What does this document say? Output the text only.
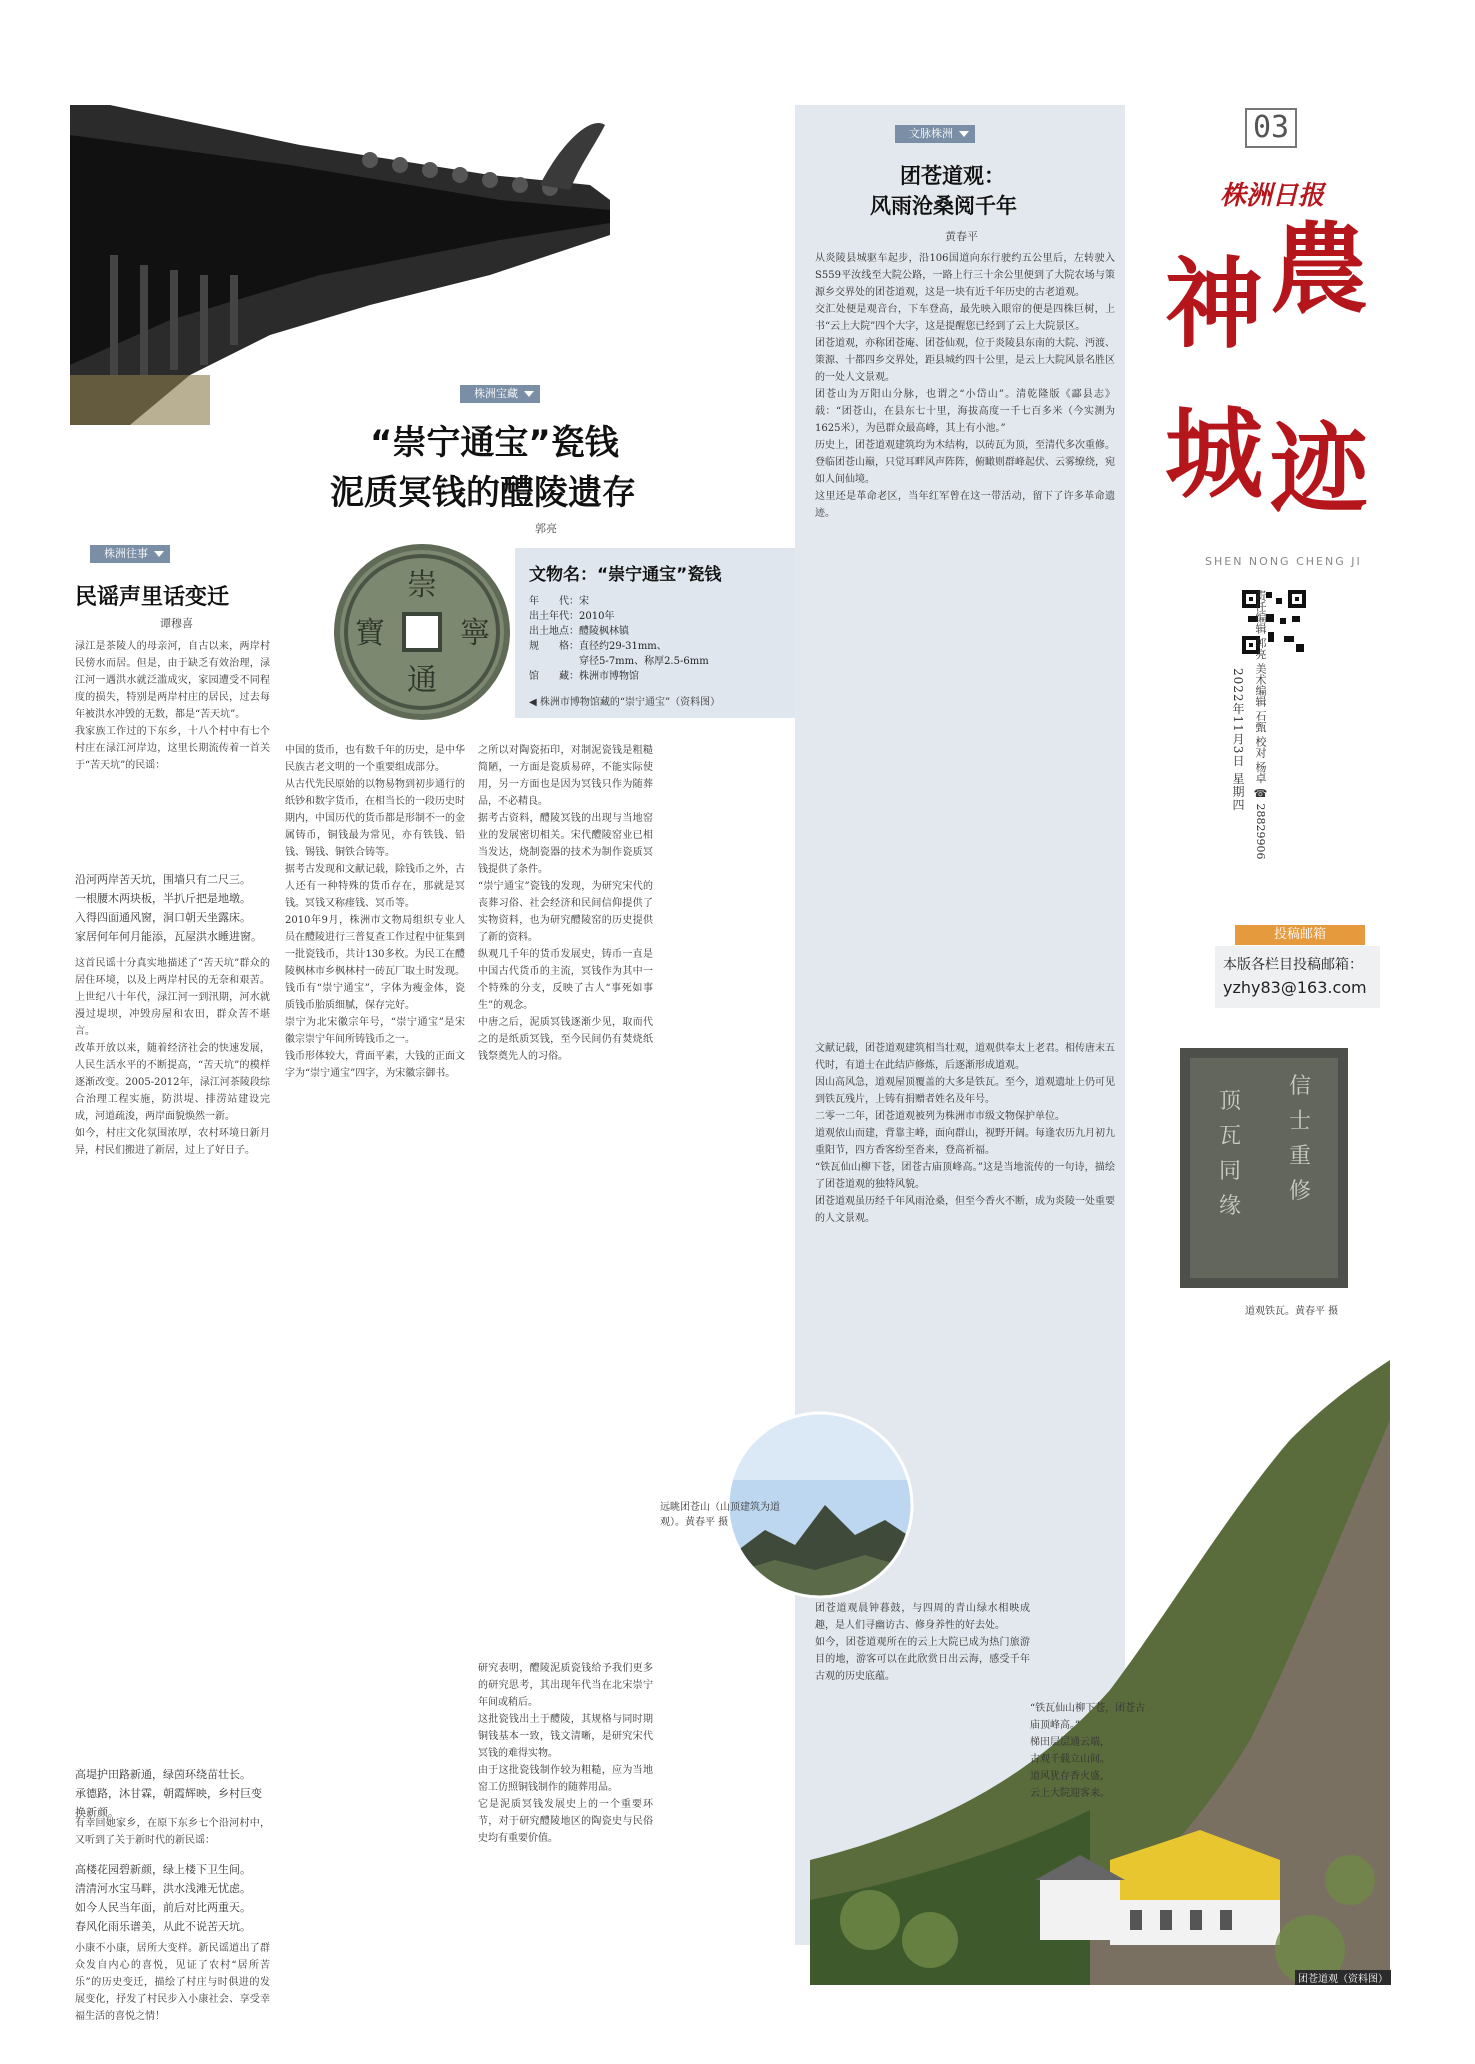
株洲宝藏
“崇宁通宝”瓷钱
泥质冥钱的醴陵遗存
郭亮
崇
通
寧
寶
文物名：“崇宁通宝”瓷钱
年　　代：宋
出土年代：2010年
出土地点：醴陵枫林镇
规　　格：直径约29-31mm、
　　　　　穿径5-7mm、称厚2.5-6mm
馆　　藏：株洲市博物馆
◀ 株洲市博物馆藏的“崇宁通宝”（资料图）
中国的货币，也有数千年的历史，是中华民族古老文明的一个重要组成部分。
从古代先民原始的以物易物到初步通行的纸钞和数字货币，在相当长的一段历史时期内，中国历代的货币都是形制不一的金属铸币，铜钱最为常见，亦有铁钱、铅钱、锡钱、铜铁合铸等。
据考古发现和文献记载，除钱币之外，古人还有一种特殊的货币存在，那就是冥钱。冥钱又称瘗钱、冥币等。
2010年9月，株洲市文物局组织专业人员在醴陵进行三普复查工作过程中征集到一批瓷钱币，共计130多枚。为民工在醴陵枫林市乡枫林村一砖瓦厂取土时发现。钱币有“崇宁通宝”，字体为瘦金体，瓷质钱币胎质细腻，保存完好。
崇宁为北宋徽宗年号，“崇宁通宝”是宋徽宗崇宁年间所铸钱币之一。
钱币形体较大，背面平素，大钱的正面文字为“崇宁通宝”四字，为宋徽宗御书。
之所以对陶瓷拓印，对制泥瓷钱是粗糙简陋，一方面是瓷质易碎，不能实际使用，另一方面也是因为冥钱只作为随葬品，不必精良。
据考古资料，醴陵冥钱的出现与当地窑业的发展密切相关。宋代醴陵窑业已相当发达，烧制瓷器的技术为制作瓷质冥钱提供了条件。
“崇宁通宝”瓷钱的发现，为研究宋代的丧葬习俗、社会经济和民间信仰提供了实物资料，也为研究醴陵窑的历史提供了新的资料。
纵观几千年的货币发展史，铸币一直是中国古代货币的主流，冥钱作为其中一个特殊的分支，反映了古人“事死如事生”的观念。
中唐之后，泥质冥钱逐渐少见，取而代之的是纸质冥钱，至今民间仍有焚烧纸钱祭奠先人的习俗。
研究表明，醴陵泥质瓷钱给予我们更多的研究思考，其出现年代当在北宋崇宁年间或稍后。
这批瓷钱出土于醴陵，其规格与同时期铜钱基本一致，钱文清晰，是研究宋代冥钱的难得实物。
由于这批瓷钱制作较为粗糙，应为当地窑工仿照铜钱制作的随葬用品。
它是泥质冥钱发展史上的一个重要环节，对于研究醴陵地区的陶瓷史与民俗史均有重要价值。
株洲往事
民谣声里话变迁
谭穆喜
渌江是茶陵人的母亲河，自古以来，两岸村民傍水而居。但是，由于缺乏有效治理，渌江河一遇洪水就泛滥成灾，家园遭受不同程度的损失，特别是两岸村庄的居民，过去每年被洪水冲毁的无数，都是“苦天坑”。
我家族工作过的下东乡，十八个村中有七个村庄在渌江河岸边，这里长期流传着一首关于“苦天坑”的民谣：
沿河两岸苦天坑，围墙只有二尺三。
一根腰木两块板，半扒斤把是地墩。
入得四面通风窗，洞口朝天坐露床。
家居何年何月能添，瓦屋洪水睡进窗。
这首民谣十分真实地描述了“苦天坑”群众的居住环境，以及上两岸村民的无奈和艰苦。上世纪八十年代，渌江河一到汛期，河水就漫过堤坝，冲毁房屋和农田，群众苦不堪言。
改革开放以来，随着经济社会的快速发展，人民生活水平的不断提高，“苦天坑”的模样逐渐改变。2005-2012年，渌江河茶陵段综合治理工程实施，防洪堤、排涝站建设完成，河道疏浚，两岸面貌焕然一新。
如今，村庄文化氛围浓厚，农村环境日新月异，村民们搬进了新居，过上了好日子。
高堤护田路新通，绿茵环绕苗壮长。
承德路，沐甘霖，朝霞辉映，乡村巨变换新颜。
有幸回她家乡，在原下东乡七个沿河村中，又听到了关于新时代的新民谣：
高楼花园碧新颜，绿上楼下卫生间。
清清河水宝马畔，洪水浅滩无忧虑。
如今人民当年面，前后对比两重天。
春风化雨乐谱美，从此不说苦天坑。
小康不小康，居所大变样。新民谣道出了群众发自内心的喜悦，见证了农村“居所苦乐”的历史变迁，描绘了村庄与时俱进的发展变化，抒发了村民步入小康社会、享受幸福生活的喜悦之情！
文脉株洲
团苍道观：
风雨沧桑阅千年
黄春平
从炎陵县城驱车起步，沿106国道向东行驶约五公里后，左转驶入S559平汝线至大院公路，一路上行三十余公里便到了大院农场与策源乡交界处的团苍道观，这是一块有近千年历史的古老道观。
交汇处便是观音台，下车登高，最先映入眼帘的便是四株巨树，上书“云上大院”四个大字，这是提醒您已经到了云上大院景区。
团苍道观，亦称团苍庵、团苍仙观，位于炎陵县东南的大院、沔渡、策源、十都四乡交界处，距县城约四十公里，是云上大院风景名胜区的一处人文景观。
团苍山为万阳山分脉，也谓之“小岱山”。清乾隆版《酃县志》载：“团苍山，在县东七十里，海拔高度一千七百多米（今实测为1625米），为邑群众最高峰，其上有小池。”
历史上，团苍道观建筑均为木结构，以砖瓦为顶，至清代多次重修。
登临团苍山巅，只觉耳畔风声阵阵，俯瞰则群峰起伏、云雾缭绕，宛如人间仙境。
这里还是革命老区，当年红军曾在这一带活动，留下了许多革命遗迹。
文献记载，团苍道观建筑相当壮观，道观供奉太上老君。相传唐末五代时，有道士在此结庐修炼，后逐渐形成道观。
因山高风急，道观屋顶覆盖的大多是铁瓦。至今，道观遗址上仍可见到铁瓦残片，上铸有捐赠者姓名及年号。
二零一二年，团苍道观被列为株洲市市级文物保护单位。
道观依山而建，背靠主峰，面向群山，视野开阔。每逢农历九月初九重阳节，四方香客纷至沓来，登高祈福。
“铁瓦仙山柳下苍，团苍古庙顶峰高。”这是当地流传的一句诗，描绘了团苍道观的独特风貌。
团苍道观虽历经千年风雨沧桑，但至今香火不断，成为炎陵一处重要的人文景观。
团苍道观晨钟暮鼓，与四周的青山绿水相映成趣，是人们寻幽访古、修身养性的好去处。
如今，团苍道观所在的云上大院已成为热门旅游目的地，游客可以在此欣赏日出云海，感受千年古观的历史底蕴。
远眺团苍山（山顶建筑为道观）。黄春平 摄
“铁瓦仙山柳下苍，团苍古庙顶峰高。”
梯田层层通云端，
古观千载立山间。
道风犹存香火盛，
云上大院迎客来。
团苍道观（资料图）
信
士
重
修
顶
瓦
同
缘
道观铁瓦。黄春平 摄
03
株洲日报
神 農
城 迹
SHEN NONG CHENG JI
2022年11月3日 星期四 责任编辑 郭亮 美术编辑 石甄 校对 杨卓 ☎ 28829906
投稿邮箱
本版各栏目投稿邮箱：
yzhy83@163.com
